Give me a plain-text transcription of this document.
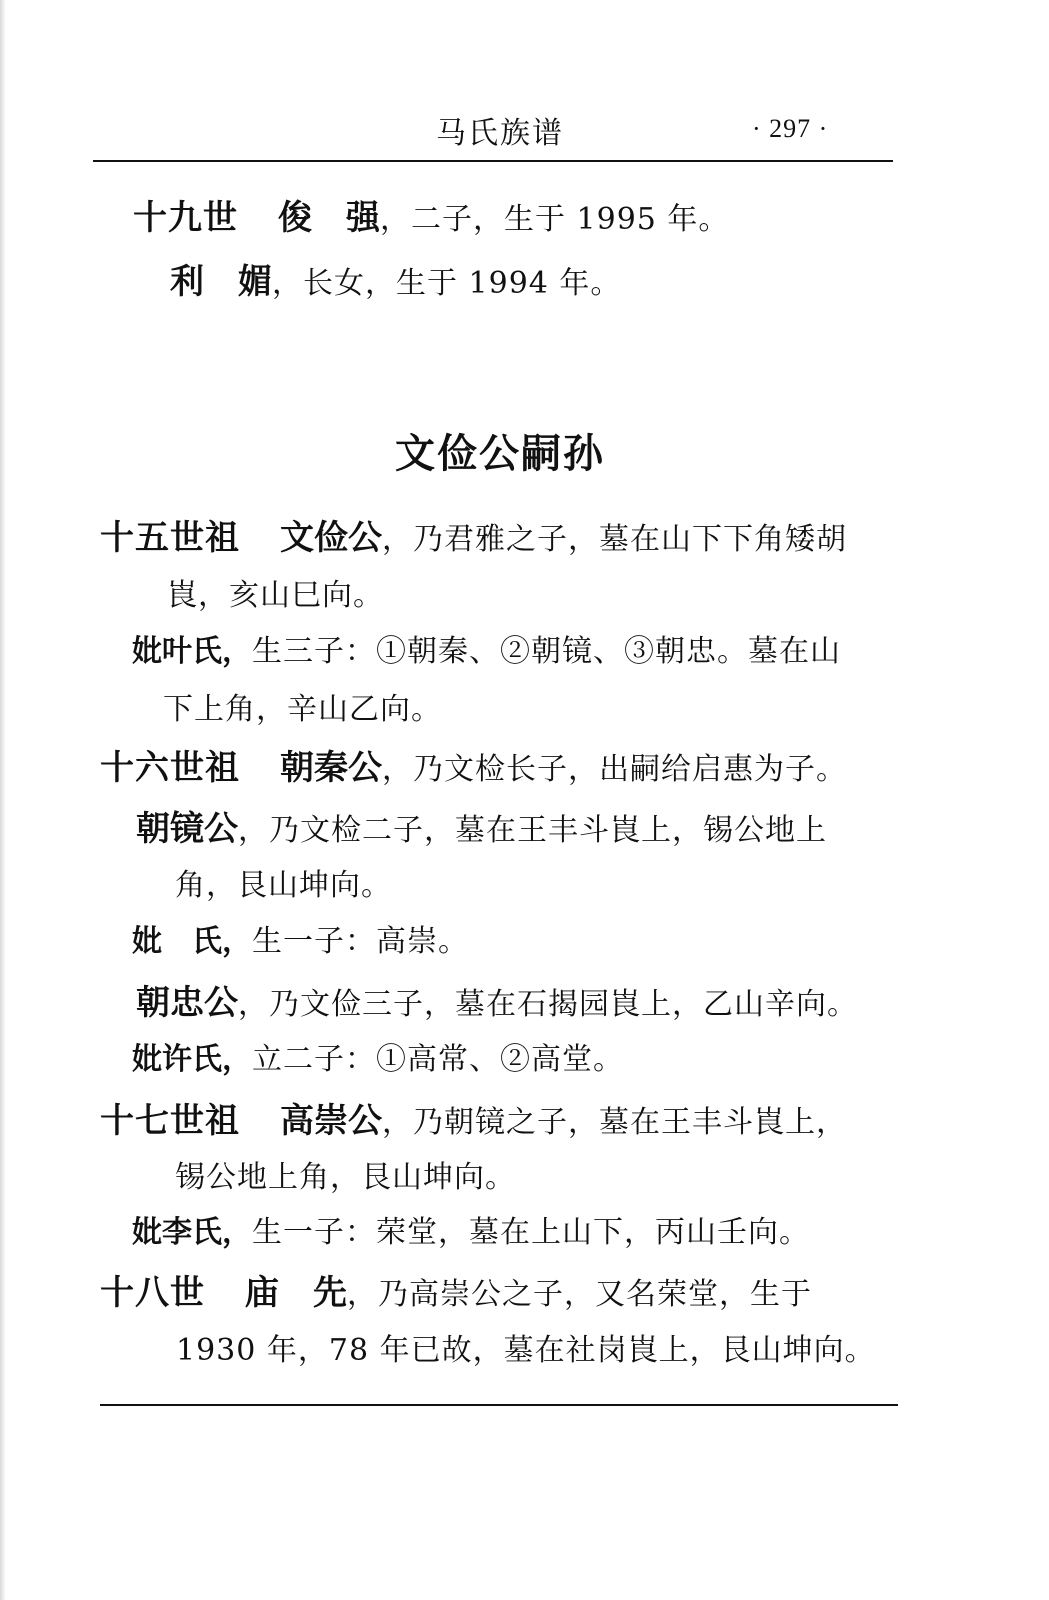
马氏族谱	· 297 ·
十九世 俊　强，二子，生于 1995 年。
利　媚，长女，生于 1994 年。
文俭公嗣孙
十五世祖 文俭公，乃君雅之子，墓在山下下角矮胡
崀，亥山巳向。
妣叶氏，生三子：①朝秦、②朝镜、③朝忠。墓在山
下上角，辛山乙向。
十六世祖 朝秦公，乃文检长子，出嗣给启惠为子。
朝镜公，乃文检二子，墓在王丰斗崀上，锡公地上
角，艮山坤向。
妣　氏，生一子：高崇。
朝忠公，乃文俭三子，墓在石揭园崀上，乙山辛向。
妣许氏，立二子：①高常、②高堂。
十七世祖 高崇公，乃朝镜之子，墓在王丰斗崀上，
锡公地上角，艮山坤向。
妣李氏，生一子：荣堂，墓在上山下，丙山壬向。
十八世 庙　先，乃高崇公之子，又名荣堂，生于
1930 年，78 年已故，墓在社岗崀上，艮山坤向。
